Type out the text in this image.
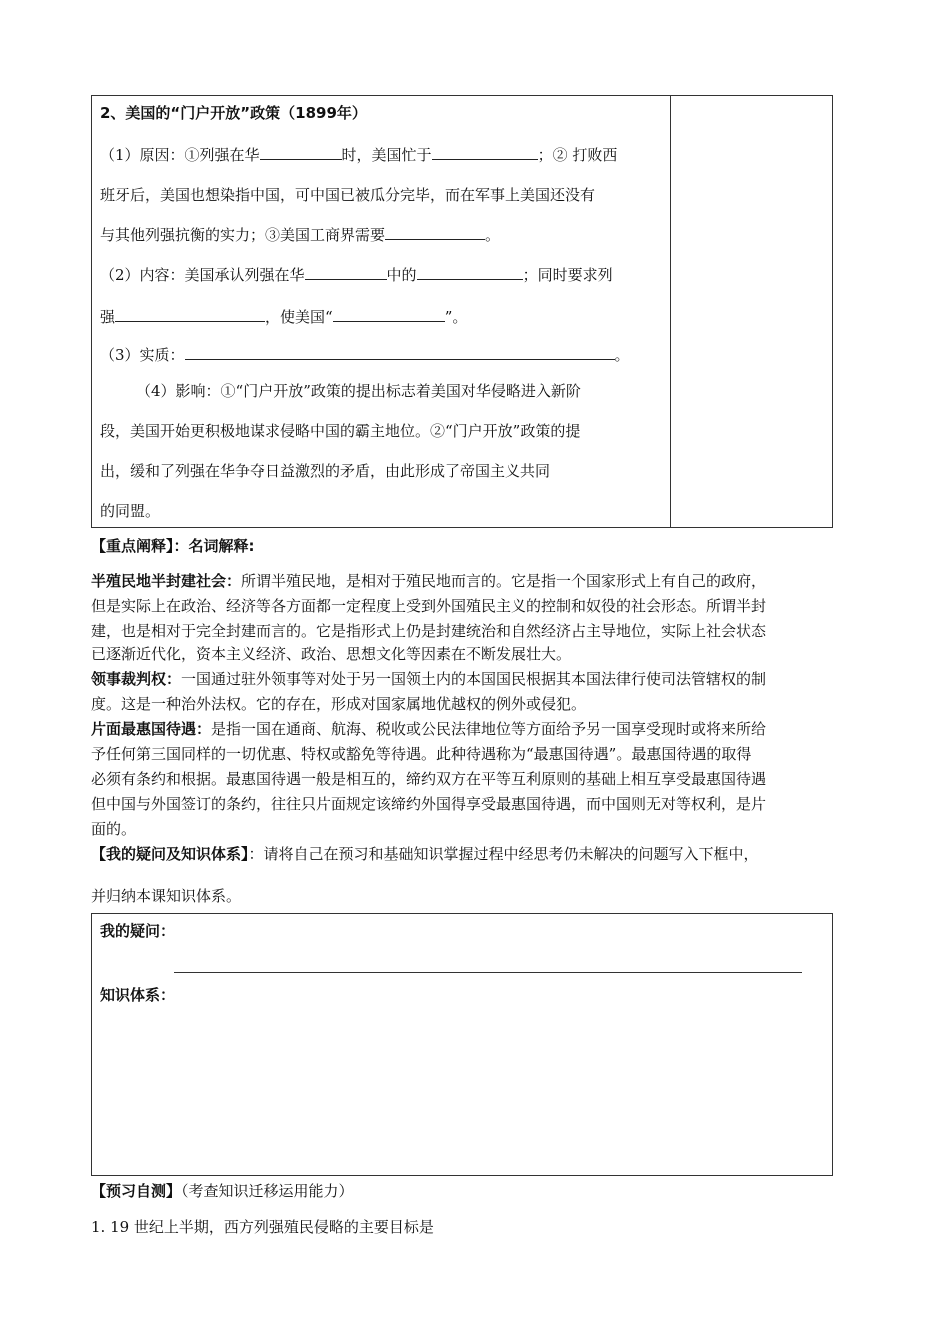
2、美国的“门户开放”政策（1899年）
（1）原因：①列强在华	时，美国忙于	；② 打败西
班牙后，美国也想染指中国，可中国已被瓜分完毕，而在军事上美国还没有
与其他列强抗衡的实力；③美国工商界需要	。
（2）内容：美国承认列强在华	中的	；同时要求列
强	，使美国“	”。
（3）实质：	。
（4）影响：①“门户开放”政策的提出标志着美国对华侵略进入新阶
段，美国开始更积极地谋求侵略中国的霸主地位。②“门户开放”政策的提
出，缓和了列强在华争夺日益激烈的矛盾，由此形成了帝国主义共同
的同盟。
【重点阐释】：名词解释:
半殖民地半封建社会：所谓半殖民地，是相对于殖民地而言的。它是指一个国家形式上有自己的政府，
但是实际上在政治、经济等各方面都一定程度上受到外国殖民主义的控制和奴役的社会形态。所谓半封
建，也是相对于完全封建而言的。它是指形式上仍是封建统治和自然经济占主导地位，实际上社会状态
已逐渐近代化，资本主义经济、政治、思想文化等因素在不断发展壮大。
领事裁判权：一国通过驻外领事等对处于另一国领土内的本国国民根据其本国法律行使司法管辖权的制
度。这是一种治外法权。它的存在，形成对国家属地优越权的例外或侵犯。
片面最惠国待遇：是指一国在通商、航海、税收或公民法律地位等方面给予另一国享受现时或将来所给
予任何第三国同样的一切优惠、特权或豁免等待遇。此种待遇称为“最惠国待遇”。最惠国待遇的取得
必须有条约和根据。最惠国待遇一般是相互的，缔约双方在平等互利原则的基础上相互享受最惠国待遇
但中国与外国签订的条约，往往只片面规定该缔约外国得享受最惠国待遇，而中国则无对等权利，是片
面的。
【我的疑问及知识体系】：请将自己在预习和基础知识掌握过程中经思考仍未解决的问题写入下框中，
并归纳本课知识体系。
我的疑问：
知识体系：
【预习自测】（考查知识迁移运用能力）
1. 19 世纪上半期，西方列强殖民侵略的主要目标是
